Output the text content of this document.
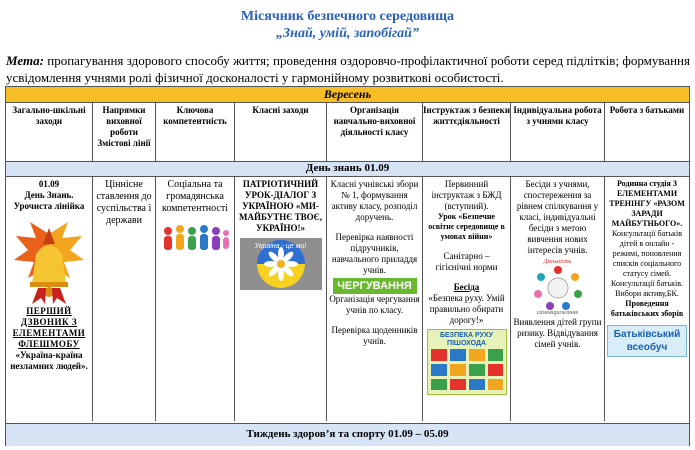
Місячник безпечного середовища
„Знай, умій, запобігай”
Мета: пропагування здорового способу життя; проведення оздоровчо-профілактичної роботи серед підлітків; формування усвідомлення учнями ролі фізичної досконалості у гармонійному розвиткові особистості.
Вересень
Загально-шкільні заходи
Напрямки виховної роботи Змістові лінії
Ключова компетентність
Класні заходи	Організація навчально-виховної діяльності класу
Інструктаж з безпеки життєдіяльності
Індивідуальна робота з учнями класу
Робота з батьками
День знань 01.09

01.09

День Знань. Урочиста лінійка

ПЕРШИЙ ДЗВОНИК З ЕЛЕМЕНТАМИ ФЛЕШМОБУ

«Україна-країна незламних людей».

Ціннісне ставлення до суспільства і держави

Соціальна та громадянська компетентності

ПАТРІОТИЧНИЙ УРОК-ДІАЛОГ З УКРАЇНОЮ «МИ-МАЙБУТНЄ ТВОЄ, УКРАЇНО!»

Україна - це ми!

Класні учнівські збори № 1, формування активу класу, розподіл доручень.

Перевірка наявності підручників, навчального приладдя учнів.

ЧЕРГУВАННЯ

Організація чергування учнів по класу.

Перевірка щоденників учнів.

Первинний інструктаж з БЖД (вступний).

Урок «Безпечне освітнє середовище в умовах війни»

Санітарно – гігієнічні норми

Бесіда

«Безпека руху. Умій правильно обирати дорогу!»

БЕЗПЕКА РУХУ ПІШОХОДА

Бесіди з учнями, спостереження за рівнем спілкування у класі, індивідуальні бесіди з метою вивчення нових інтересів учнів.

Діяльність
самовиражання

Виявлення дітей групи ризику. Відвідування сімей учнів.

Родинна студія З ЕЛЕМЕНТАМИ ТРЕНІНГУ «РАЗОМ ЗАРАДИ МАЙБУТНЬОГО».

Консультації батьків дітей в онлайн - режимі, поновлення списків соціального статусу сімей.

Консультації батьків.

Вибори активу,БК.

Проведення батьківських зборів

Батьківський всеобуч
Тиждень здоров’я та спорту 01.09 – 05.09
